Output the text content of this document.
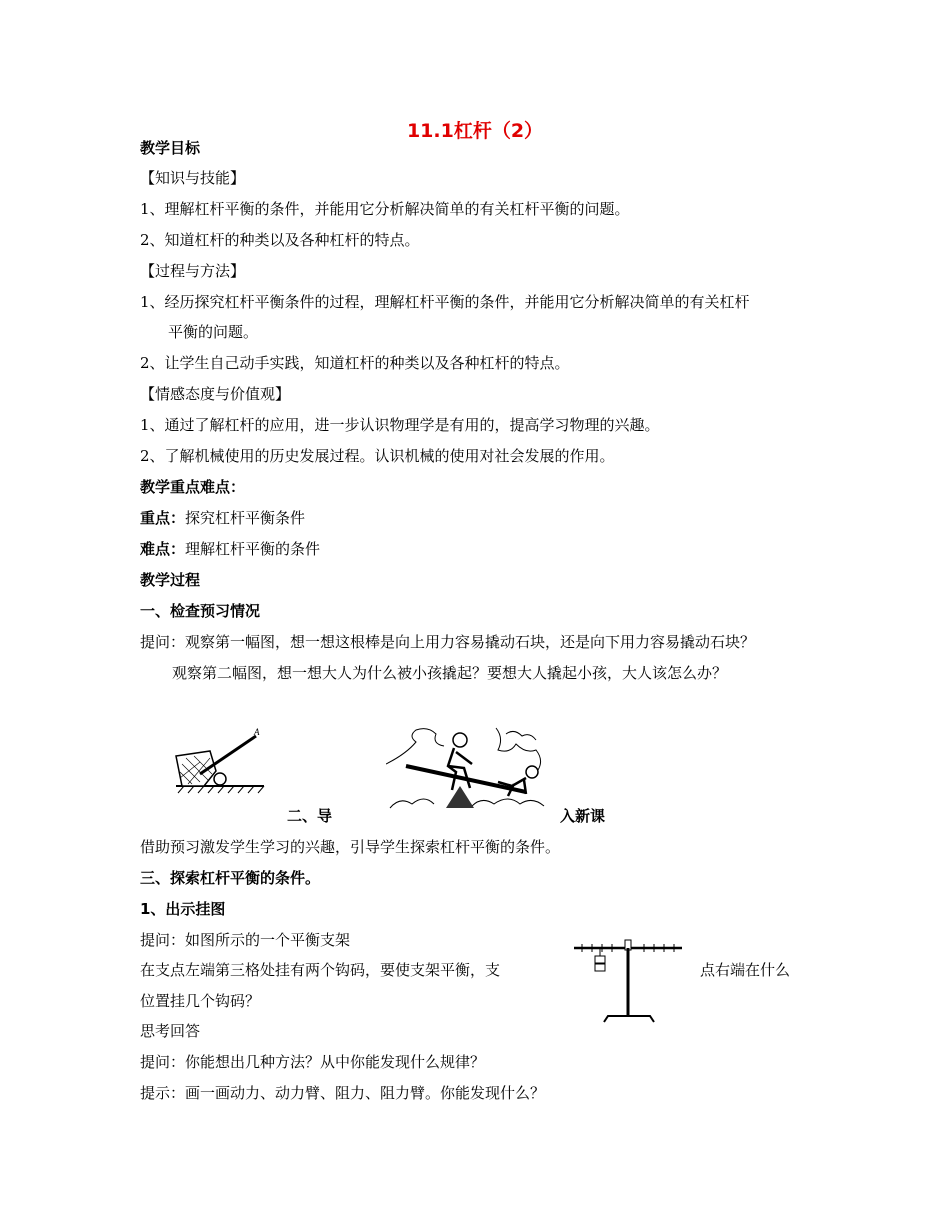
11.1杠杆（2）
教学目标
【知识与技能】
1、理解杠杆平衡的条件，并能用它分析解决简单的有关杠杆平衡的问题。
2、知道杠杆的种类以及各种杠杆的特点。
【过程与方法】
1、经历探究杠杆平衡条件的过程，理解杠杆平衡的条件，并能用它分析解决简单的有关杠杆
平衡的问题。
2、让学生自己动手实践，知道杠杆的种类以及各种杠杆的特点。
【情感态度与价值观】
1、通过了解杠杆的应用，进一步认识物理学是有用的，提高学习物理的兴趣。
2、了解机械使用的历史发展过程。认识机械的使用对社会发展的作用。
教学重点难点：
重点：探究杠杆平衡条件
难点：理解杠杆平衡的条件
教学过程
一、检查预习情况
提问：观察第一幅图，想一想这根棒是向上用力容易撬动石块，还是向下用力容易撬动石块？
观察第二幅图，想一想大人为什么被小孩撬起？要想大人撬起小孩，大人该怎么办？
A
二、导	入新课
借助预习激发学生学习的兴趣，引导学生探索杠杆平衡的条件。
三、探索杠杆平衡的条件。
1、出示挂图
提问：如图所示的一个平衡支架
在支点左端第三格处挂有两个钩码，要使支架平衡，支	点右端在什么
位置挂几个钩码？
思考回答
提问：你能想出几种方法？从中你能发现什么规律？
提示：画一画动力、动力臂、阻力、阻力臂。你能发现什么？
